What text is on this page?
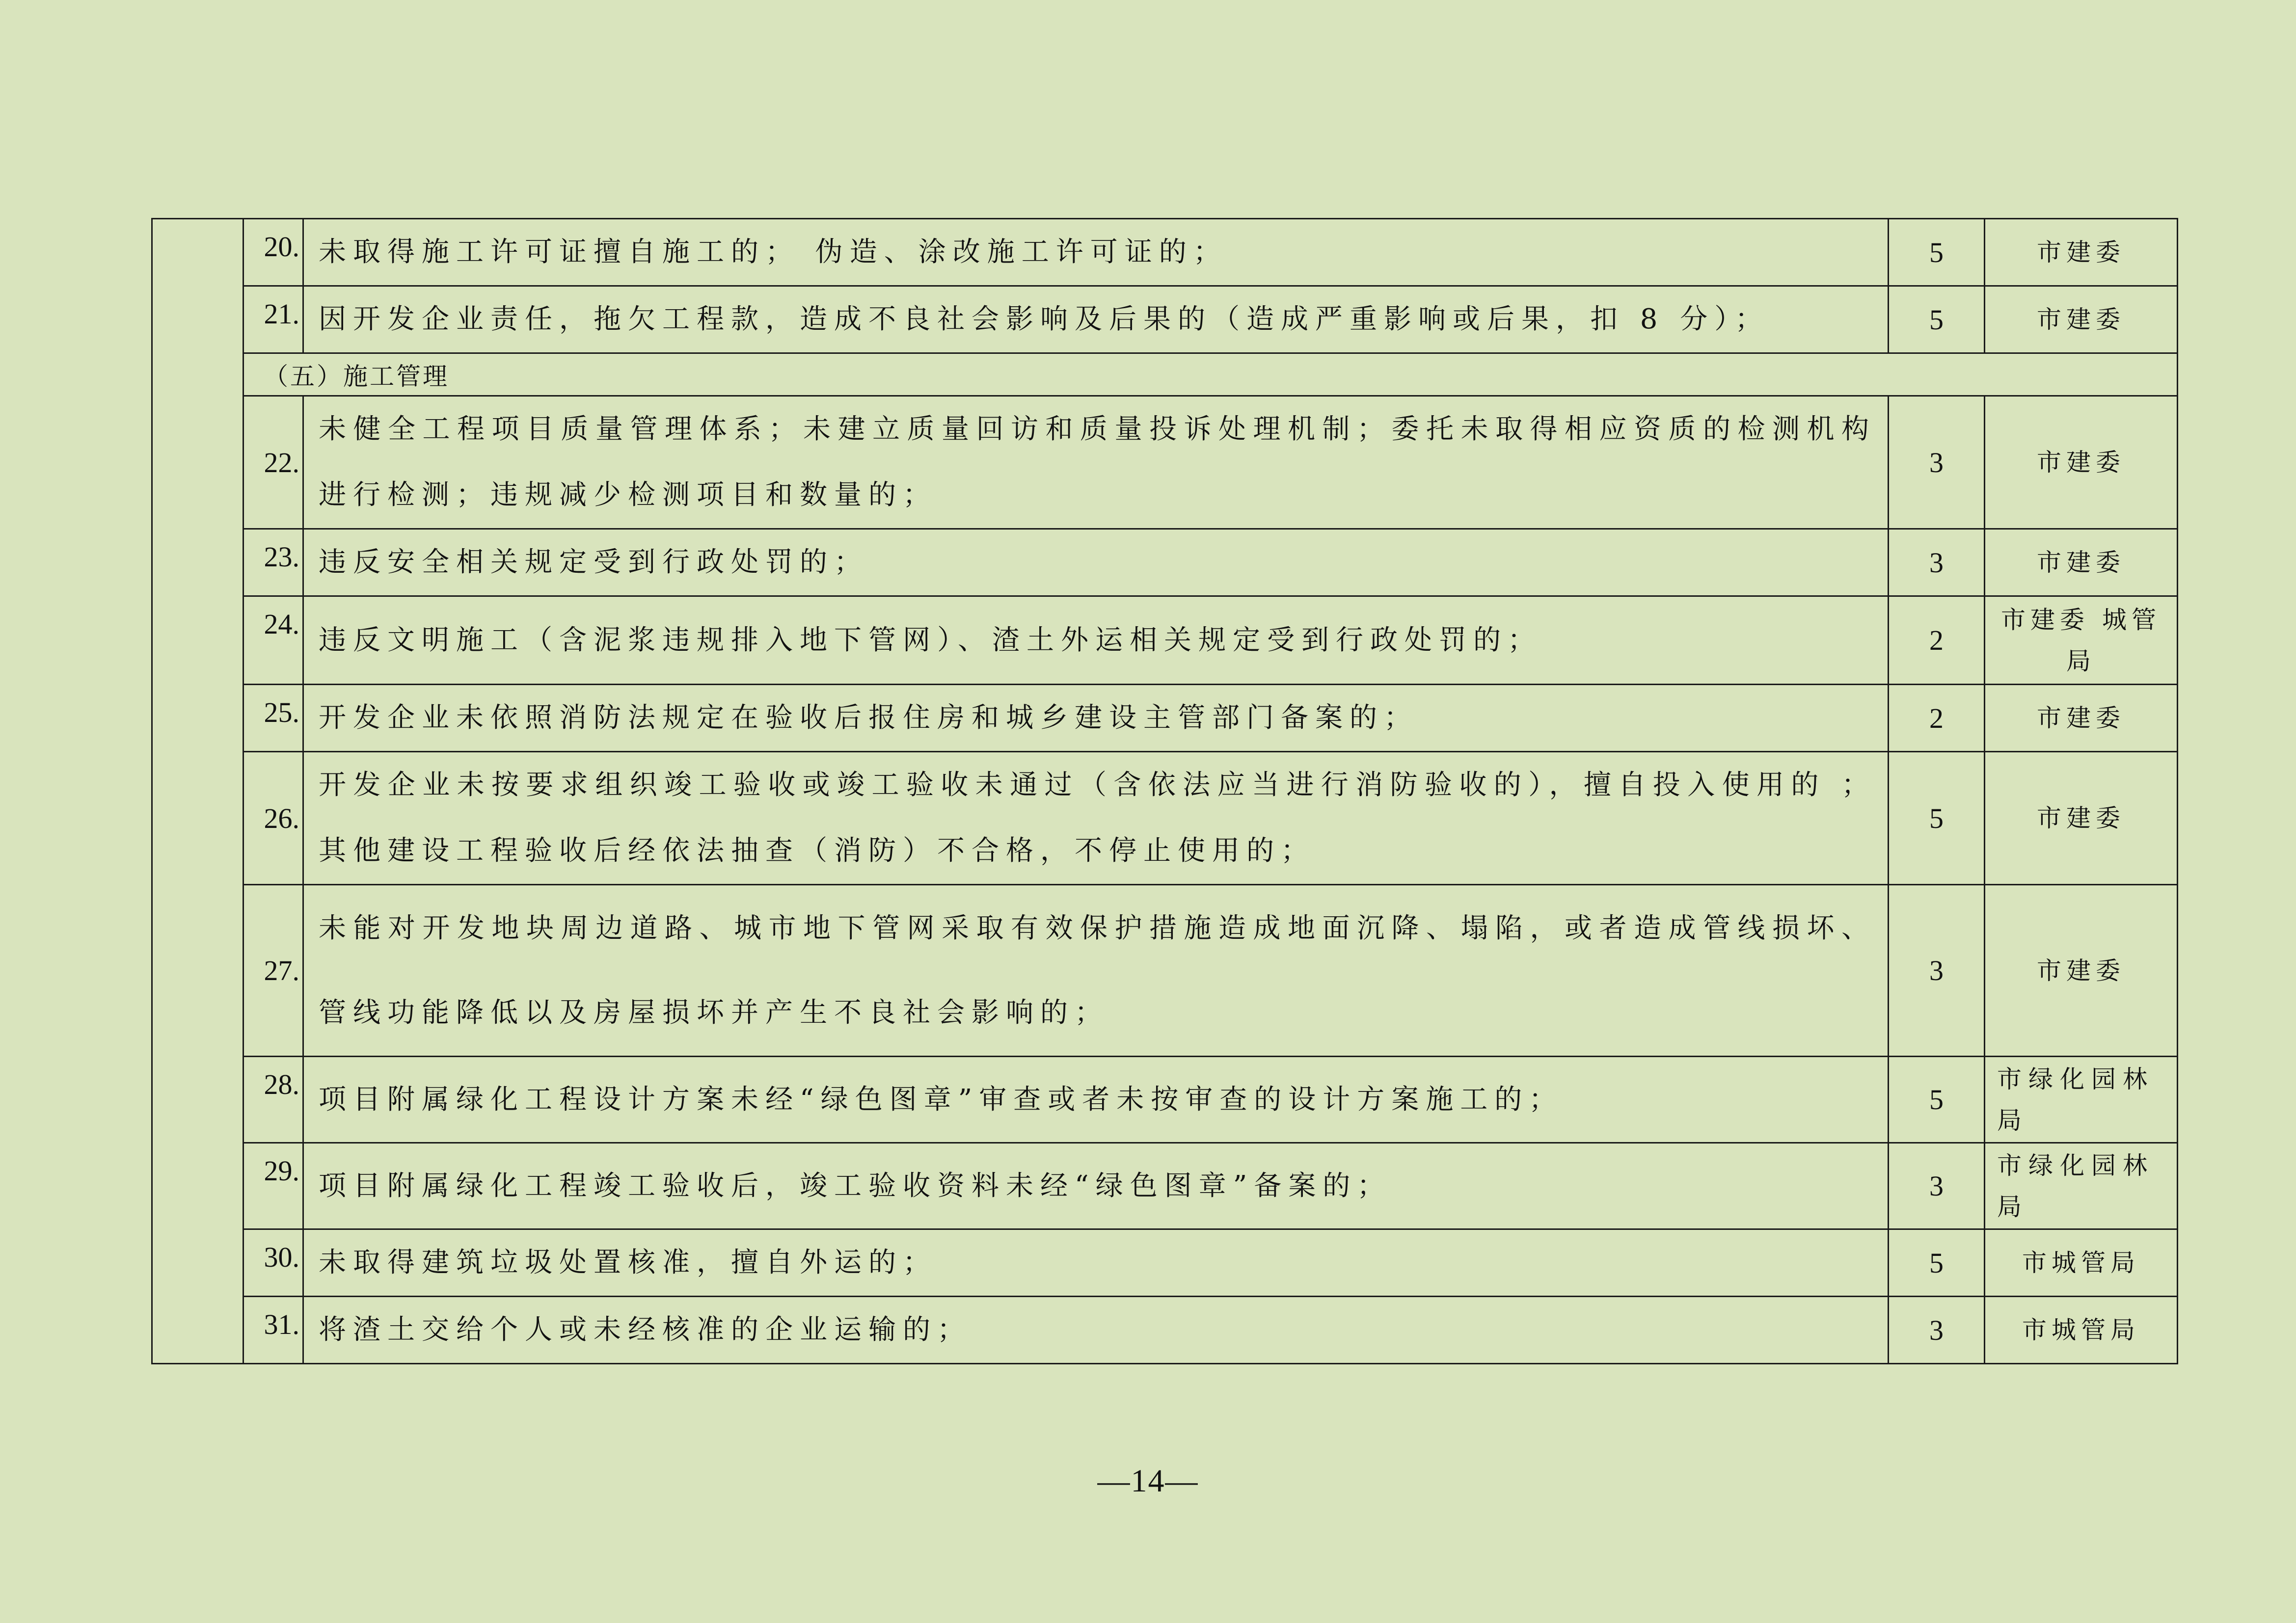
	20.	未取得施工许可证擅自施工的； 伪造、涂改施工许可证的；	5	市建委
	21.	因开发企业责任，拖欠工程款，造成不良社会影响及后果的（造成严重影响或后果，扣 8 分）；	5	市建委
	（五）施工管理			
	22.	未健全工程项目质量管理体系；未建立质量回访和质量投诉处理机制；委托未取得相应资质的检测机构进行检测；违规减少检测项目和数量的；	3	市建委
	23.	违反安全相关规定受到行政处罚的；	3	市建委
	24.	违反文明施工（含泥浆违规排入地下管网）、渣土外运相关规定受到行政处罚的；	2	市建委 城管局
	25.	开发企业未依照消防法规定在验收后报住房和城乡建设主管部门备案的；	2	市建委
	26.	开发企业未按要求组织竣工验收或竣工验收未通过（含依法应当进行消防验收的），擅自投入使用的 ；其他建设工程验收后经依法抽查（消防）不合格，不停止使用的；	5	市建委
	27.	未能对开发地块周边道路、城市地下管网采取有效保护措施造成地面沉降、塌陷，或者造成管线损坏、管线功能降低以及房屋损坏并产生不良社会影响的；	3	市建委
	28.	项目附属绿化工程设计方案未经“绿色图章”审查或者未按审查的设计方案施工的；	5	市绿化园林局
	29.	项目附属绿化工程竣工验收后，竣工验收资料未经“绿色图章”备案的；	3	市绿化园林局
	30.	未取得建筑垃圾处置核准，擅自外运的；	5	市城管局
	31.	将渣土交给个人或未经核准的企业运输的；	3	市城管局
—14—
